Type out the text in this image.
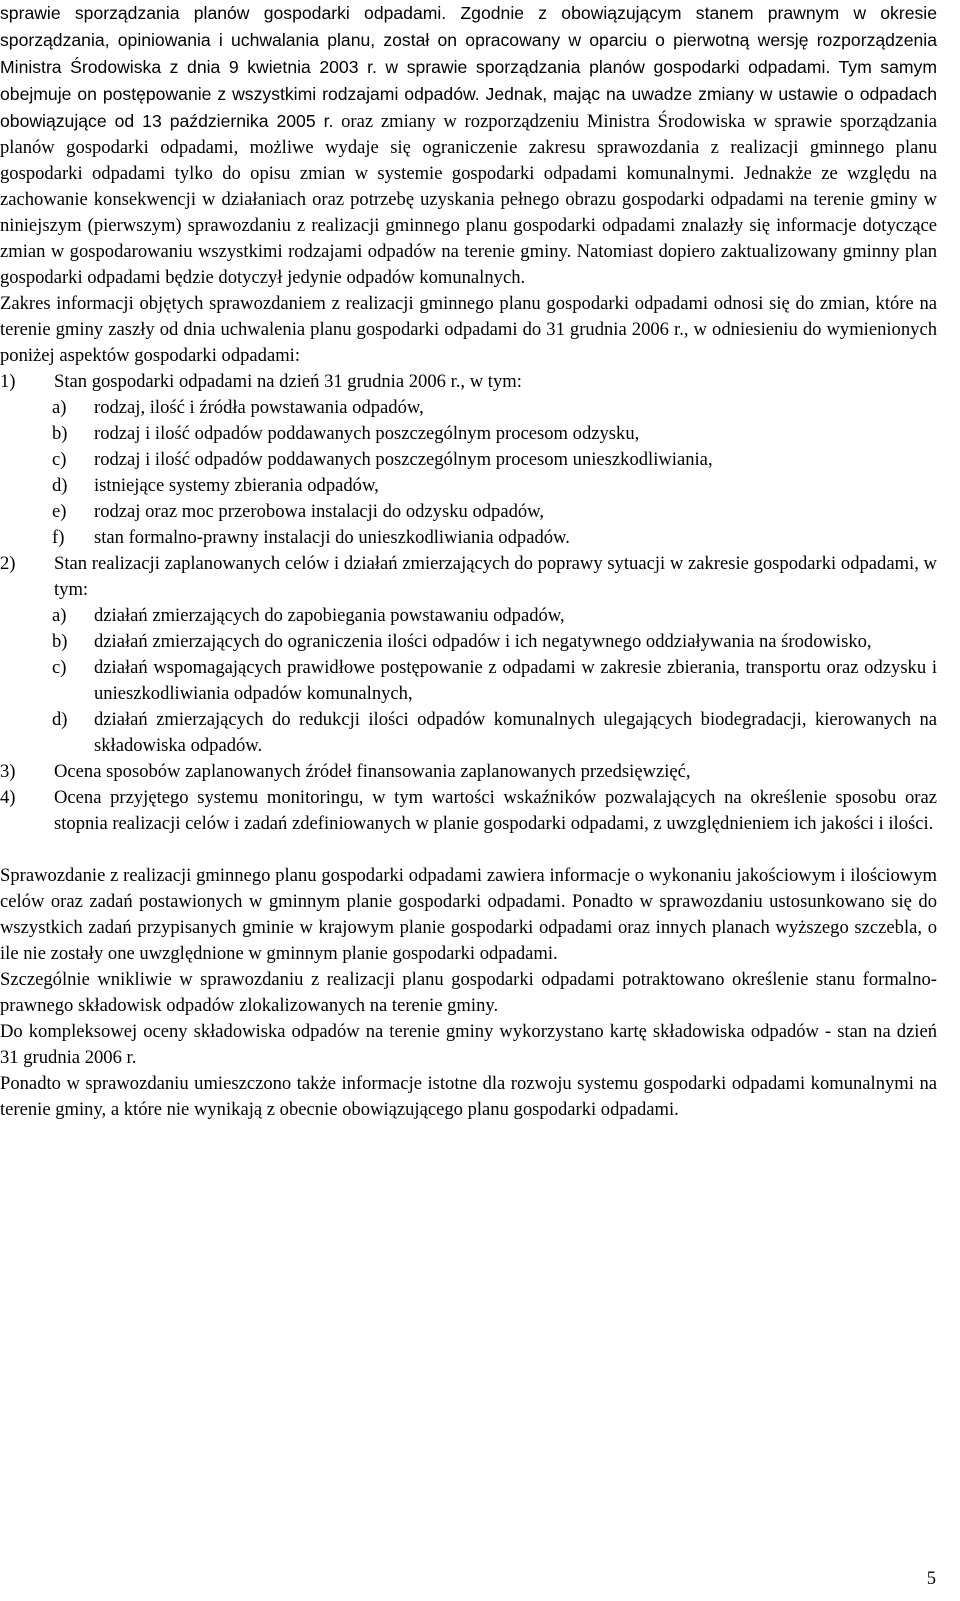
sprawie sporządzania planów gospodarki odpadami. Zgodnie z obowiązującym stanem prawnym w okresie sporządzania, opiniowania i uchwalania planu, został on opracowany w oparciu o pierwotną wersję rozporządzenia Ministra Środowiska z dnia 9 kwietnia 2003 r. w sprawie sporządzania planów gospodarki odpadami. Tym samym obejmuje on postępowanie z wszystkimi rodzajami odpadów. Jednak, mając na uwadze zmiany w ustawie o odpadach obowiązujące od 13 października 2005 r. oraz zmiany w rozporządzeniu Ministra Środowiska w sprawie sporządzania planów gospodarki odpadami, możliwe wydaje się ograniczenie zakresu sprawozdania z realizacji gminnego planu gospodarki odpadami tylko do opisu zmian w systemie gospodarki odpadami komunalnymi. Jednakże ze względu na zachowanie konsekwencji w działaniach oraz potrzebę uzyskania pełnego obrazu gospodarki odpadami na terenie gminy w niniejszym (pierwszym) sprawozdaniu z realizacji gminnego planu gospodarki odpadami znalazły się informacje dotyczące zmian w gospodarowaniu wszystkimi rodzajami odpadów na terenie gminy. Natomiast dopiero zaktualizowany gminny plan gospodarki odpadami będzie dotyczył jedynie odpadów komunalnych.

Zakres informacji objętych sprawozdaniem z realizacji gminnego planu gospodarki odpadami odnosi się do zmian, które na terenie gminy zaszły od dnia uchwalenia planu gospodarki odpadami do 31 grudnia 2006 r., w odniesieniu do wymienionych poniżej aspektów gospodarki odpadami:

1) Stan gospodarki odpadami na dzień 31 grudnia 2006 r., w tym:

a) rodzaj, ilość i źródła powstawania odpadów,

b) rodzaj i ilość odpadów poddawanych poszczególnym procesom odzysku,

c) rodzaj i ilość odpadów poddawanych poszczególnym procesom unieszkodliwiania,

d) istniejące systemy zbierania odpadów,

e) rodzaj oraz moc przerobowa instalacji do odzysku odpadów,

f) stan formalno-prawny instalacji do unieszkodliwiania odpadów.

2) Stan realizacji zaplanowanych celów i działań zmierzających do poprawy sytuacji w zakresie gospodarki odpadami, w tym:

a) działań zmierzających do zapobiegania powstawaniu odpadów,

b) działań zmierzających do ograniczenia ilości odpadów i ich negatywnego oddziaływania na środowisko,

c) działań wspomagających prawidłowe postępowanie z odpadami w zakresie zbierania, transportu oraz odzysku i unieszkodliwiania odpadów komunalnych,

d) działań zmierzających do redukcji ilości odpadów komunalnych ulegających biodegradacji, kierowanych na składowiska odpadów.

3) Ocena sposobów zaplanowanych źródeł finansowania zaplanowanych przedsięwzięć,

4) Ocena przyjętego systemu monitoringu, w tym wartości wskaźników pozwalających na określenie sposobu oraz stopnia realizacji celów i zadań zdefiniowanych w planie gospodarki odpadami, z uwzględnieniem ich jakości i ilości.

Sprawozdanie z realizacji gminnego planu gospodarki odpadami zawiera informacje o wykonaniu jakościowym i ilościowym celów oraz zadań postawionych w gminnym planie gospodarki odpadami. Ponadto w sprawozdaniu ustosunkowano się do wszystkich zadań przypisanych gminie w krajowym planie gospodarki odpadami oraz innych planach wyższego szczebla, o ile nie zostały one uwzględnione w gminnym planie gospodarki odpadami.

Szczególnie wnikliwie w sprawozdaniu z realizacji planu gospodarki odpadami potraktowano określenie stanu formalno-prawnego składowisk odpadów zlokalizowanych na terenie gminy.

Do kompleksowej oceny składowiska odpadów na terenie gminy wykorzystano kartę składowiska odpadów - stan na dzień 31 grudnia 2006 r.

Ponadto w sprawozdaniu umieszczono także informacje istotne dla rozwoju systemu gospodarki odpadami komunalnymi na terenie gminy, a które nie wynikają z obecnie obowiązującego planu gospodarki odpadami.

5
